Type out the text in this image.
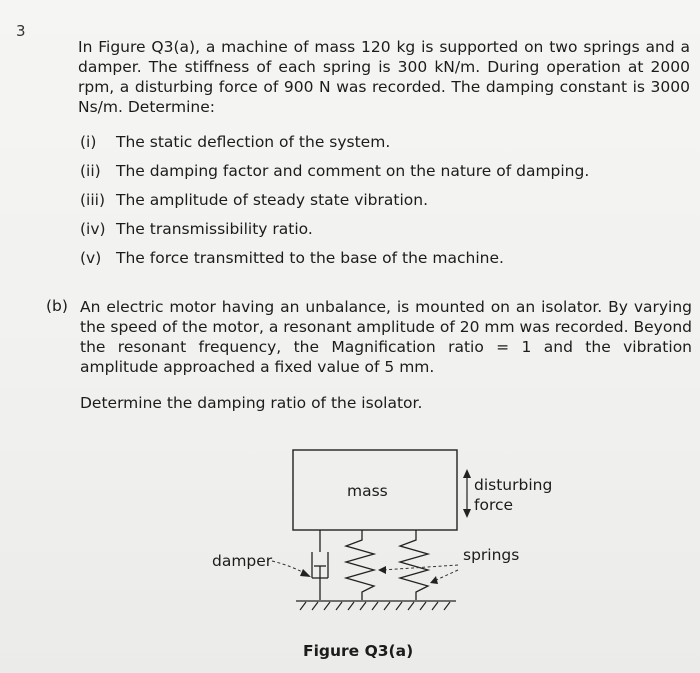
3

In Figure Q3(a), a machine of mass 120 kg is supported on two springs and a damper. The stiffness of each spring is 300 kN/m. During operation at 2000 rpm, a disturbing force of 900 N was recorded. The damping constant is 3000 Ns/m. Determine:

(i) The static deflection of the system.
(ii) The damping factor and comment on the nature of damping.
(iii) The amplitude of steady state vibration.
(iv) The transmissibility ratio.
(v) The force transmitted to the base of the machine.
(b) An electric motor having an unbalance, is mounted on an isolator. By varying the speed of the motor, a resonant amplitude of 20 mm was recorded. Beyond the resonant frequency, the Magnification ratio = 1 and the vibration amplitude approached a fixed value of 5 mm.

Determine the damping ratio of the isolator.

mass	disturbing
force
damper	springs
Figure Q3(a)
